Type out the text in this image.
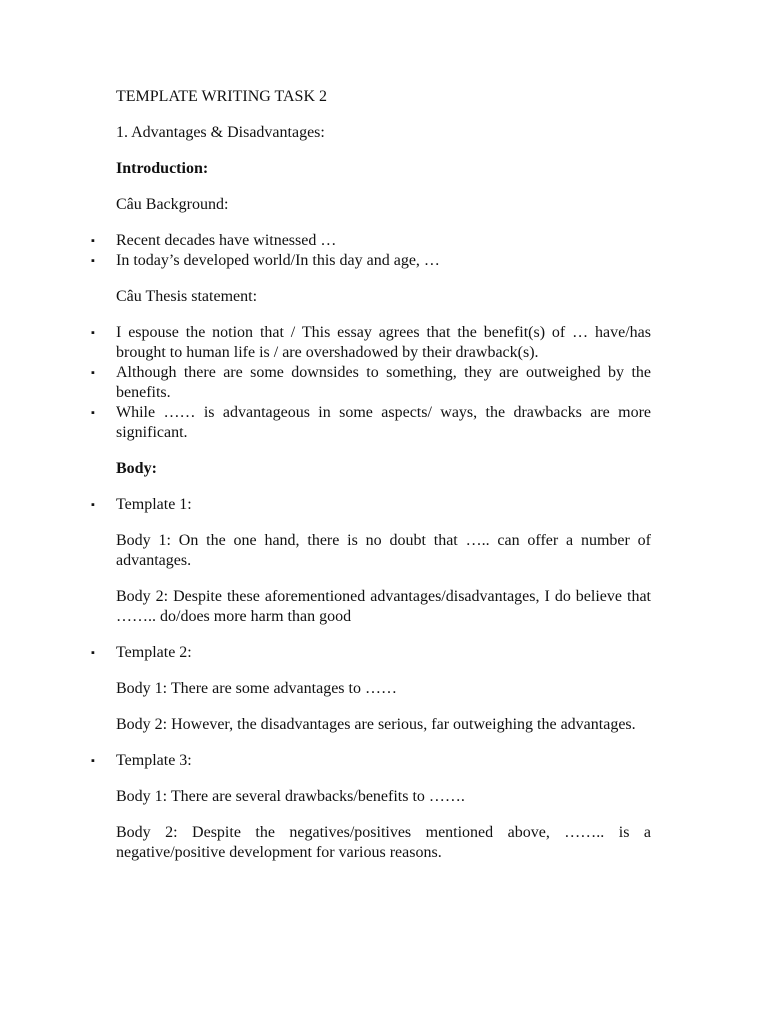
TEMPLATE WRITING TASK 2

1. Advantages & Disadvantages:

Introduction:

Câu Background:

▪ Recent decades have witnessed …
▪ In today’s developed world/In this day and age, …

Câu Thesis statement:

▪ I espouse the notion that / This essay agrees that the benefit(s) of … have/has brought to human life is / are overshadowed by their drawback(s).
▪ Although there are some downsides to something, they are outweighed by the benefits.
▪ While …… is advantageous in some aspects/ ways, the drawbacks are more significant.

Body:

▪ Template 1:

Body 1: On the one hand, there is no doubt that ….. can offer a number of advantages.

Body 2: Despite these aforementioned advantages/disadvantages, I do believe that …….. do/does more harm than good

▪ Template 2:

Body 1: There are some advantages to ……

Body 2: However, the disadvantages are serious, far outweighing the advantages.

▪ Template 3:

Body 1: There are several drawbacks/benefits to …….

Body 2: Despite the negatives/positives mentioned above, …….. is a negative/positive development for various reasons.
